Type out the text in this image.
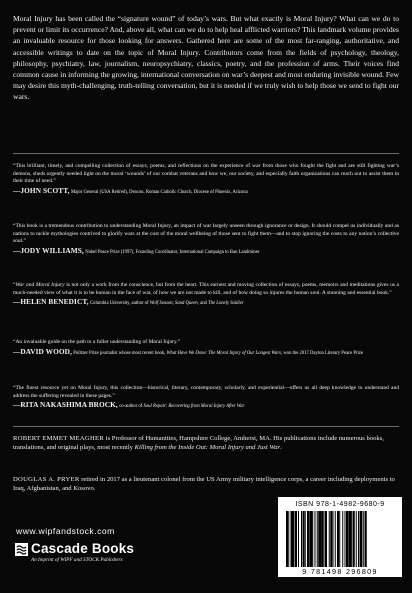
Moral Injury has been called the “signature wound” of today’s wars. But what exactly is Moral Injury? What can we do to prevent or limit its occurrence? And, above all, what can we do to help heal afflicted warriors? This landmark volume provides an invaluable resource for those looking for answers. Gathered here are some of the most far-ranging, authoritative, and accessible writings to date on the topic of Moral Injury. Contributors come from the fields of psychology, theology, philosophy, psychiatry, law, journalism, neuropsychiatry, classics, poetry, and the profession of arms. Their voices find common cause in informing the growing, international conversation on war’s deepest and most enduring invisible wound. Few may desire this myth-challenging, truth-telling conversation, but it is needed if we truly wish to help those we send to fight our wars.

“This brilliant, timely, and compelling collection of essays, poems, and reflections on the experience of war from those who fought the fight and are still fighting war’s demons, sheds urgently needed light on the moral ‘wounds’ of our combat veterans and how we, our society, and especially faith organizations can reach out to assist them in their time of need.”

—JOHN SCOTT, Major General (USA Retired), Deacon, Roman Catholic Church, Diocese of Phoenix, Arizona

“This book is a tremendous contribution to understanding Moral Injury, an impact of war largely unseen through ignorance or design. It should compel us individually and as nations to tackle mythologies contrived to glorify wars at the cost of the moral wellbeing of those sent to fight them—and to stop ignoring the costs to any nation’s collective soul.”

—JODY WILLIAMS, Nobel Peace Prize (1997), Founding Coordinator, International Campaign to Ban Landmines

“War and Moral Injury is not only a work from the conscience, but from the heart. This earnest and moving collection of essays, poems, memoirs and meditations gives us a much-needed view of what it is to be human in the face of war, of how we are not made to kill, and of how doing so injures the human soul. A stunning and essential book.”

—HELEN BENEDICT, Columbia University, author of Wolf Season, Sand Queen, and The Lonely Soldier

“An invaluable guide on the path to a fuller understanding of Moral Injury.”

—DAVID WOOD, Pulitzer Prize journalist whose most recent book, What Have We Done: The Moral Injury of Our Longest Wars, won the 2017 Dayton Literary Peace Prize

“The finest resource yet on Moral Injury, this collection—historical, literary, contemporary, scholarly, and experiential—offers us all deep knowledge to understand and address the suffering revealed in these pages.”

—RITA NAKASHIMA BROCK, co-author of Soul Repair: Recovering from Moral Injury After War
ROBERT EMMET MEAGHER is Professor of Humanities, Hampshire College, Amherst, MA. His publications include numerous books, translations, and original plays, most recently Killing from the Inside Out: Moral Injury and Just War.
DOUGLAS A. PRYER retired in 2017 as a lieutenant colonel from the US Army military intelligence corps, a career including deployments to Iraq, Afghanistan, and Kosovo.
www.wipfandstock.com
Cascade Books
An Imprint of WIPF and STOCK Publishers
ISBN 978-1-4982-9680-9
9 781498 296809
